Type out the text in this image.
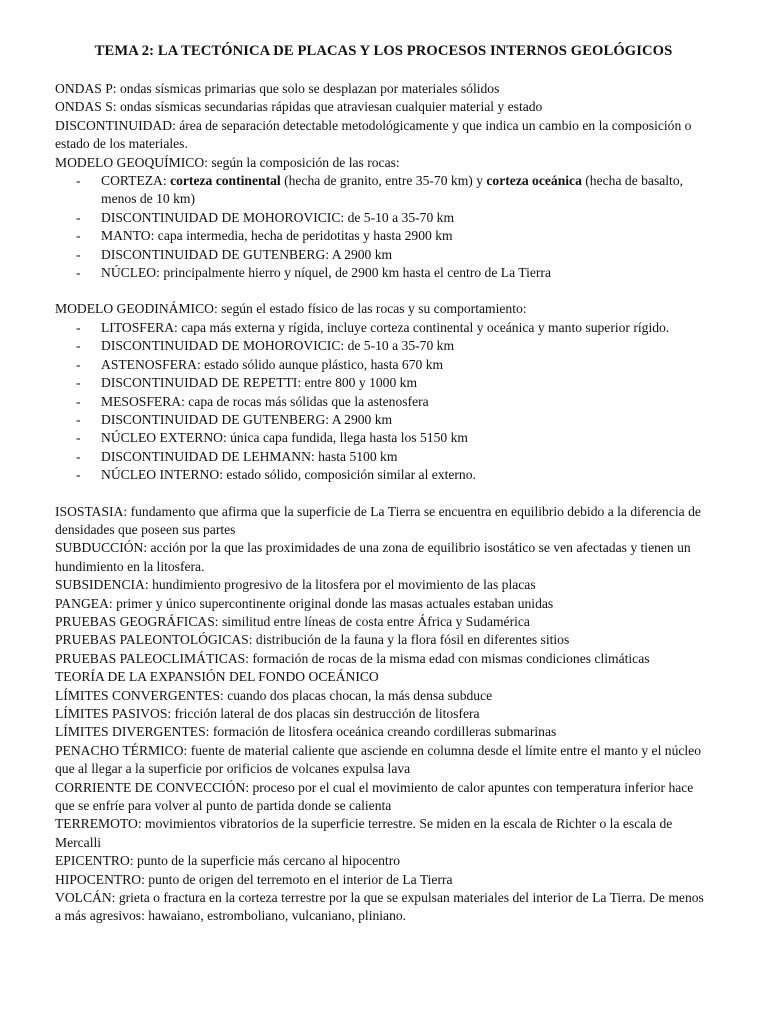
TEMA 2: LA TECTÓNICA DE PLACAS Y LOS PROCESOS INTERNOS GEOLÓGICOS

ONDAS P: ondas sísmicas primarias que solo se desplazan por materiales sólidos

ONDAS S: ondas sísmicas secundarias rápidas que atraviesan cualquier material y estado

DISCONTINUIDAD: área de separación detectable metodológicamente y que indica un cambio en la composición o estado de los materiales.

MODELO GEOQUÍMICO: según la composición de las rocas:

- CORTEZA: corteza continental (hecha de granito, entre 35-70 km) y corteza oceánica (hecha de basalto, menos de 10 km)
- DISCONTINUIDAD DE MOHOROVICIC: de 5-10 a 35-70 km
- MANTO: capa intermedia, hecha de peridotitas y hasta 2900 km
- DISCONTINUIDAD DE GUTENBERG: A 2900 km
- NÚCLEO: principalmente hierro y níquel, de 2900 km hasta el centro de La Tierra

MODELO GEODINÁMICO: según el estado físico de las rocas y su comportamiento:

- LITOSFERA: capa más externa y rígida, incluye corteza continental y oceánica y manto superior rígido.
- DISCONTINUIDAD DE MOHOROVICIC: de 5-10 a 35-70 km
- ASTENOSFERA: estado sólido aunque plástico, hasta 670 km
- DISCONTINUIDAD DE REPETTI: entre 800 y 1000 km
- MESOSFERA: capa de rocas más sólidas que la astenosfera
- DISCONTINUIDAD DE GUTENBERG: A 2900 km
- NÚCLEO EXTERNO: única capa fundida, llega hasta los 5150 km
- DISCONTINUIDAD DE LEHMANN: hasta 5100 km
- NÚCLEO INTERNO: estado sólido, composición similar al externo.

ISOSTASIA: fundamento que afirma que la superficie de La Tierra se encuentra en equilibrio debido a la diferencia de densidades que poseen sus partes

SUBDUCCIÓN: acción por la que las proximidades de una zona de equilibrio isostático se ven afectadas y tienen un hundimiento en la litosfera.

SUBSIDENCIA: hundimiento progresivo de la litosfera por el movimiento de las placas

PANGEA: primer y único supercontinente original donde las masas actuales estaban unidas

PRUEBAS GEOGRÁFICAS: similitud entre líneas de costa entre África y Sudamérica

PRUEBAS PALEONTOLÓGICAS: distribución de la fauna y la flora fósil en diferentes sitios

PRUEBAS PALEOCLIMÁTICAS: formación de rocas de la misma edad con mismas condiciones climáticas

TEORÍA DE LA EXPANSIÓN DEL FONDO OCEÁNICO

LÍMITES CONVERGENTES: cuando dos placas chocan, la más densa subduce

LÍMITES PASIVOS: fricción lateral de dos placas sin destrucción de litosfera

LÍMITES DIVERGENTES: formación de litosfera oceánica creando cordilleras submarinas

PENACHO TÉRMICO: fuente de material caliente que asciende en columna desde el límite entre el manto y el núcleo que al llegar a la superficie por orificios de volcanes expulsa lava

CORRIENTE DE CONVECCIÓN: proceso por el cual el movimiento de calor apuntes con temperatura inferior hace que se enfríe para volver al punto de partida donde se calienta

TERREMOTO: movimientos vibratorios de la superficie terrestre. Se miden en la escala de Richter o la escala de Mercalli

EPICENTRO: punto de la superficie más cercano al hipocentro

HIPOCENTRO: punto de origen del terremoto en el interior de La Tierra

VOLCÁN: grieta o fractura en la corteza terrestre por la que se expulsan materiales del interior de La Tierra. De menos a más agresivos: hawaiano, estromboliano, vulcaniano, pliniano.
